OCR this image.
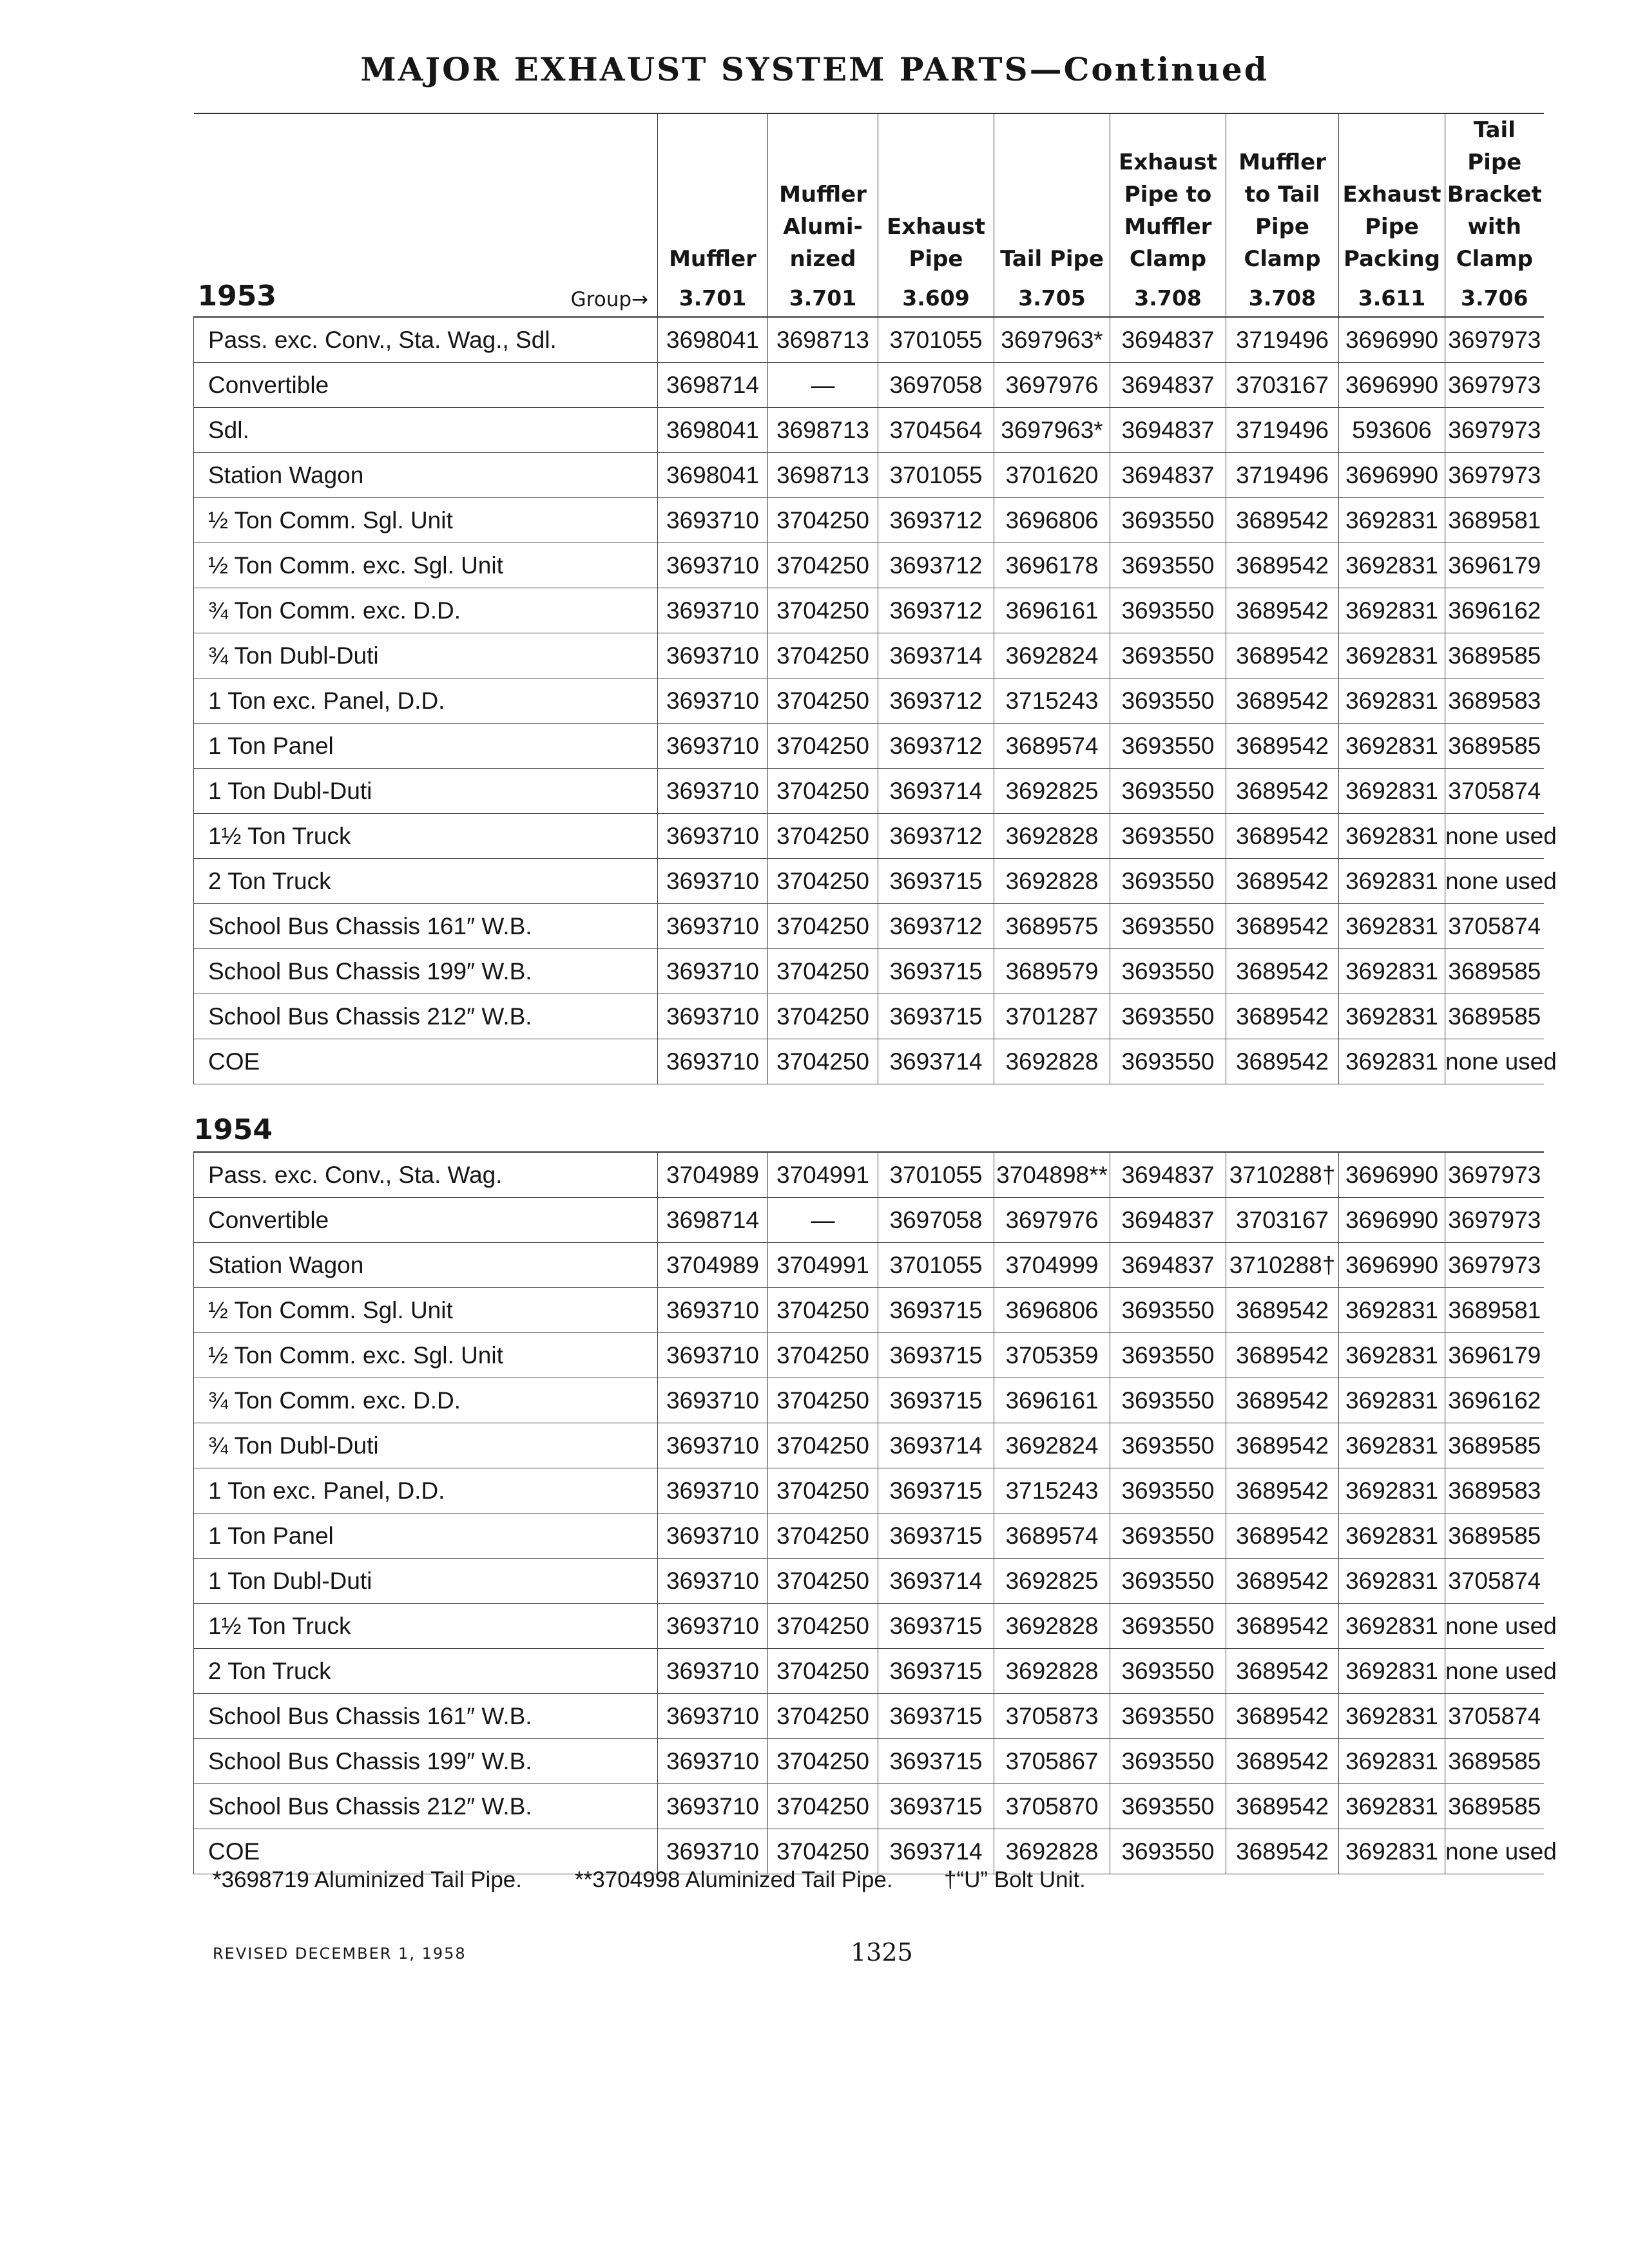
MAJOR EXHAUST SYSTEM PARTS—Continued
	Muffler	Muffler Alumi- nized	Exhaust Pipe	Tail Pipe	Exhaust Pipe to Muffler Clamp	Muffler to Tail Pipe Clamp	Exhaust Pipe Packing	Tail Pipe Bracket with Clamp

1953 Group→	3.701	3.701	3.609	3.705	3.708	3.708	3.611	3.706
Pass. exc. Conv., Sta. Wag., Sdl.	3698041	3698713	3701055	3697963*	3694837	3719496	3696990	3697973
Convertible	3698714	—	3697058	3697976	3694837	3703167	3696990	3697973
Sdl.	3698041	3698713	3704564	3697963*	3694837	3719496	593606	3697973
Station Wagon	3698041	3698713	3701055	3701620	3694837	3719496	3696990	3697973
½ Ton Comm. Sgl. Unit	3693710	3704250	3693712	3696806	3693550	3689542	3692831	3689581
½ Ton Comm. exc. Sgl. Unit	3693710	3704250	3693712	3696178	3693550	3689542	3692831	3696179
¾ Ton Comm. exc. D.D.	3693710	3704250	3693712	3696161	3693550	3689542	3692831	3696162
¾ Ton Dubl-Duti	3693710	3704250	3693714	3692824	3693550	3689542	3692831	3689585
1 Ton exc. Panel, D.D.	3693710	3704250	3693712	3715243	3693550	3689542	3692831	3689583
1 Ton Panel	3693710	3704250	3693712	3689574	3693550	3689542	3692831	3689585
1 Ton Dubl-Duti	3693710	3704250	3693714	3692825	3693550	3689542	3692831	3705874
1½ Ton Truck	3693710	3704250	3693712	3692828	3693550	3689542	3692831	none used
2 Ton Truck	3693710	3704250	3693715	3692828	3693550	3689542	3692831	none used
School Bus Chassis 161″ W.B.	3693710	3704250	3693712	3689575	3693550	3689542	3692831	3705874
School Bus Chassis 199″ W.B.	3693710	3704250	3693715	3689579	3693550	3689542	3692831	3689585
School Bus Chassis 212″ W.B.	3693710	3704250	3693715	3701287	3693550	3689542	3692831	3689585
COE	3693710	3704250	3693714	3692828	3693550	3689542	3692831	none used

1954								

Pass. exc. Conv., Sta. Wag.	3704989	3704991	3701055	3704898**	3694837	3710288†	3696990	3697973
Convertible	3698714	—	3697058	3697976	3694837	3703167	3696990	3697973
Station Wagon	3704989	3704991	3701055	3704999	3694837	3710288†	3696990	3697973
½ Ton Comm. Sgl. Unit	3693710	3704250	3693715	3696806	3693550	3689542	3692831	3689581
½ Ton Comm. exc. Sgl. Unit	3693710	3704250	3693715	3705359	3693550	3689542	3692831	3696179
¾ Ton Comm. exc. D.D.	3693710	3704250	3693715	3696161	3693550	3689542	3692831	3696162
¾ Ton Dubl-Duti	3693710	3704250	3693714	3692824	3693550	3689542	3692831	3689585
1 Ton exc. Panel, D.D.	3693710	3704250	3693715	3715243	3693550	3689542	3692831	3689583
1 Ton Panel	3693710	3704250	3693715	3689574	3693550	3689542	3692831	3689585
1 Ton Dubl-Duti	3693710	3704250	3693714	3692825	3693550	3689542	3692831	3705874
1½ Ton Truck	3693710	3704250	3693715	3692828	3693550	3689542	3692831	none used
2 Ton Truck	3693710	3704250	3693715	3692828	3693550	3689542	3692831	none used
School Bus Chassis 161″ W.B.	3693710	3704250	3693715	3705873	3693550	3689542	3692831	3705874
School Bus Chassis 199″ W.B.	3693710	3704250	3693715	3705867	3693550	3689542	3692831	3689585
School Bus Chassis 212″ W.B.	3693710	3704250	3693715	3705870	3693550	3689542	3692831	3689585
COE	3693710	3704250	3693714	3692828	3693550	3689542	3692831	none used
*3698719 Aluminized Tail Pipe. **3704998 Aluminized Tail Pipe. †“U” Bolt Unit.
REVISED DECEMBER 1, 1958	1325
